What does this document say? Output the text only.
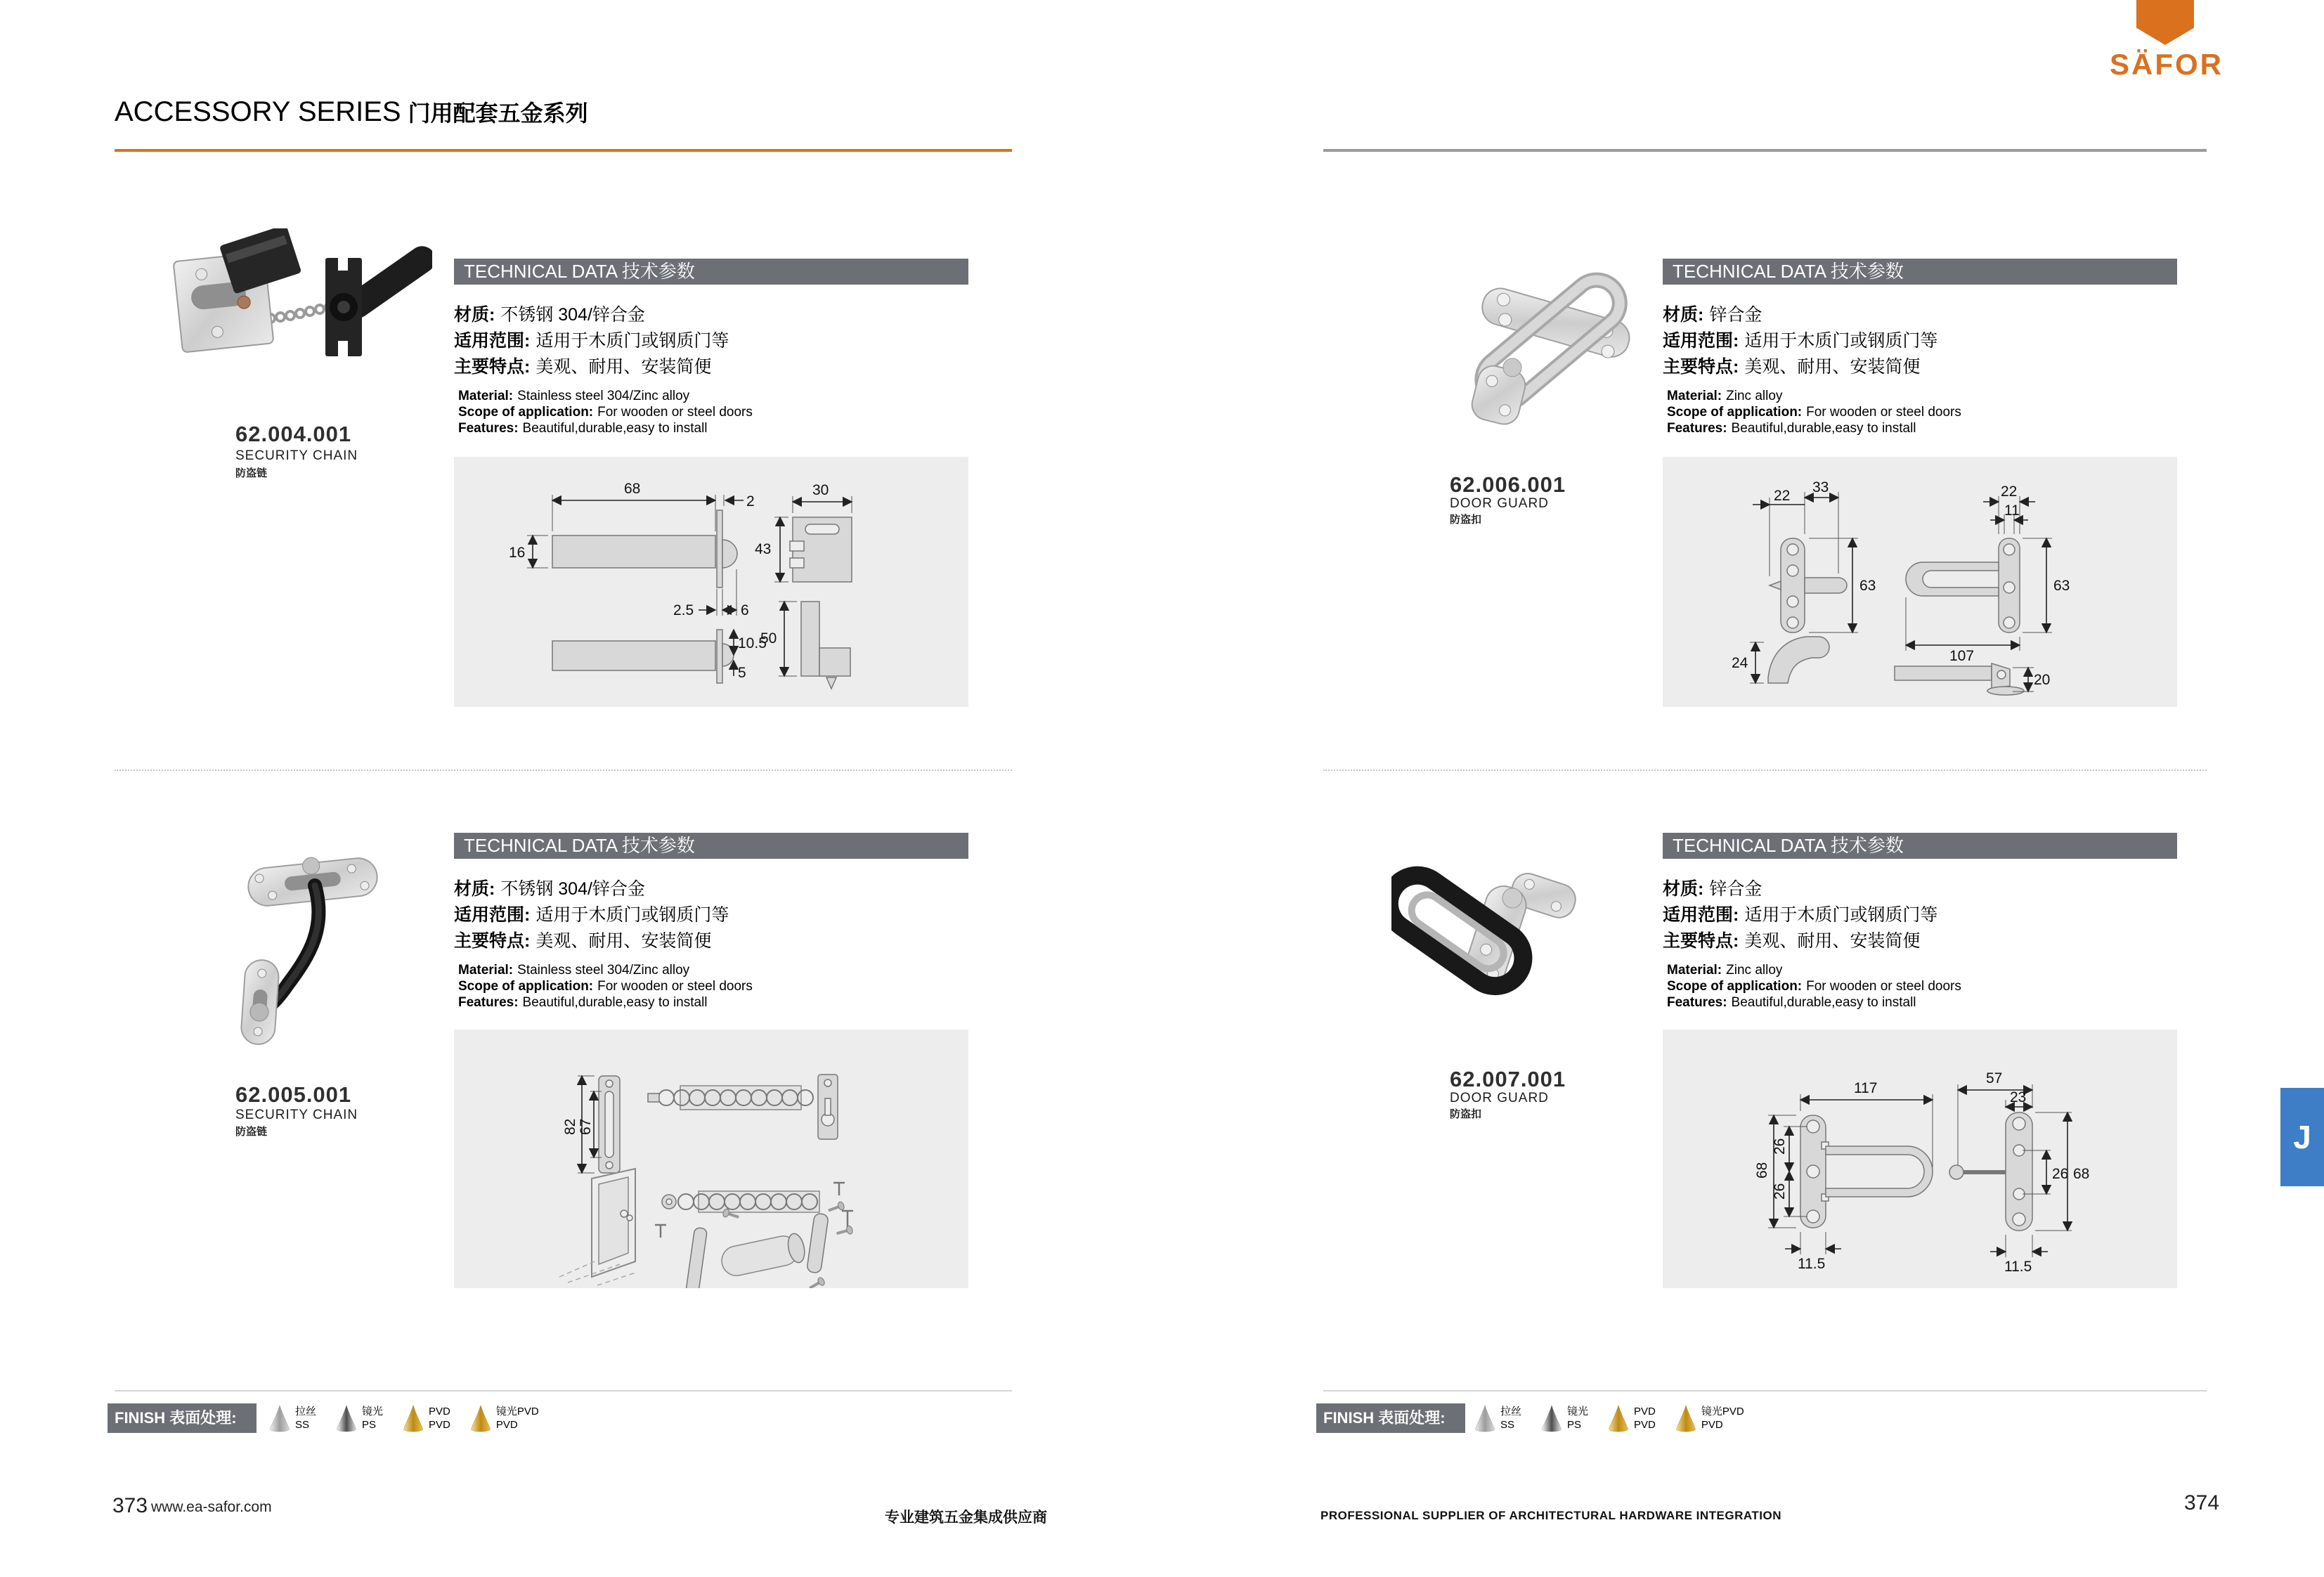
SÄFOR
ACCESSORY SERIES 门用配套五金系列
62.004.001
SECURITY CHAIN
防盗链
TECHNICAL DATA 技术参数
材质: 不锈钢 304/锌合金
适用范围: 适用于木质门或钢质门等
主要特点: 美观、耐用、安装简便
Material: Stainless steel 304/Zinc alloy
Scope of application: For wooden or steel doors
Features: Beautiful,durable,easy to install
68
2
16
2.5	6
30
43
10.5
5
50
62.006.001
DOOR GUARD
防盗扣
TECHNICAL DATA 技术参数
材质: 锌合金
适用范围: 适用于木质门或钢质门等
主要特点: 美观、耐用、安装简便
Material: Zinc alloy
Scope of application: For wooden or steel doors
Features: Beautiful,durable,easy to install
22
33
63
22
11
63
107
24
20
62.005.001
SECURITY CHAIN
防盗链
TECHNICAL DATA 技术参数
材质: 不锈钢 304/锌合金
适用范围: 适用于木质门或钢质门等
主要特点: 美观、耐用、安装简便
Material: Stainless steel 304/Zinc alloy
Scope of application: For wooden or steel doors
Features: Beautiful,durable,easy to install
82 67
62.007.001
DOOR GUARD
防盗扣
TECHNICAL DATA 技术参数
材质: 锌合金
适用范围: 适用于木质门或钢质门等
主要特点: 美观、耐用、安装简便
Material: Zinc alloy
Scope of application: For wooden or steel doors
Features: Beautiful,durable,easy to install
117
68
26
26
11.5
57
23
26 68
11.5
FINISH 表面处理:	拉丝
SS
镜光
PS
PVD
PVD
镜光PVD
PVD	FINISH 表面处理:	拉丝
SS
镜光
PS
PVD
PVD
镜光PVD
PVD
373 www.ea-safor.com
专业建筑五金集成供应商	PROFESSIONAL SUPPLIER OF ARCHITECTURAL HARDWARE INTEGRATION
374
J
